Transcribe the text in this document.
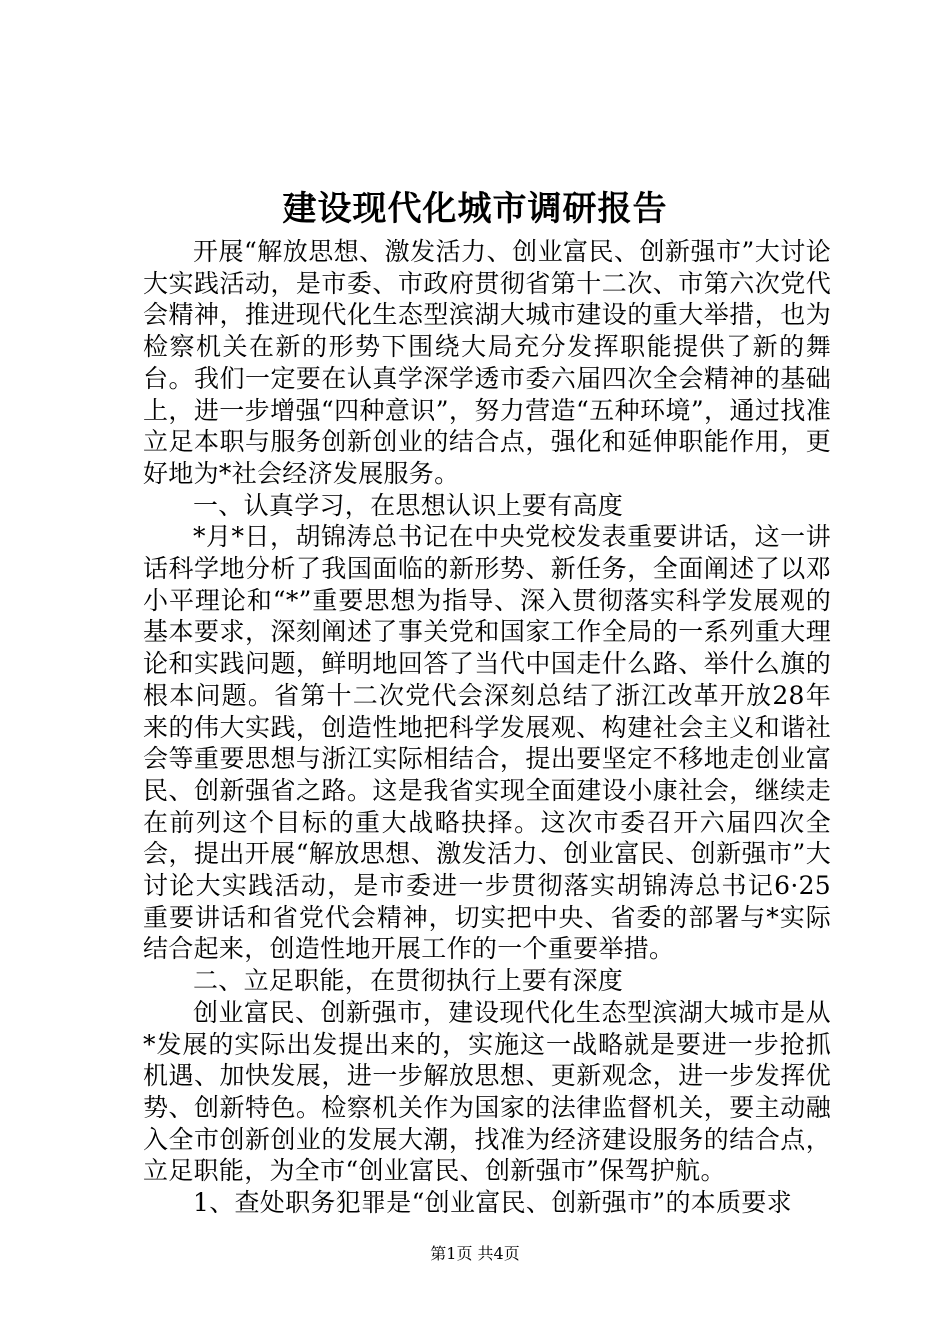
建设现代化城市调研报告

开展“解放思想、激发活力、创业富民、创新强市”大讨论大实践活动，是市委、市政府贯彻省第十二次、市第六次党代会精神，推进现代化生态型滨湖大城市建设的重大举措，也为检察机关在新的形势下围绕大局充分发挥职能提供了新的舞台。我们一定要在认真学深学透市委六届四次全会精神的基础上，进一步增强“四种意识”，努力营造“五种环境”，通过找准立足本职与服务创新创业的结合点，强化和延伸职能作用，更好地为*社会经济发展服务。

一、认真学习，在思想认识上要有高度

*月*日，胡锦涛总书记在中央党校发表重要讲话，这一讲话科学地分析了我国面临的新形势、新任务，全面阐述了以邓小平理论和“*”重要思想为指导、深入贯彻落实科学发展观的基本要求，深刻阐述了事关党和国家工作全局的一系列重大理论和实践问题，鲜明地回答了当代中国走什么路、举什么旗的根本问题。省第十二次党代会深刻总结了浙江改革开放28年来的伟大实践，创造性地把科学发展观、构建社会主义和谐社会等重要思想与浙江实际相结合，提出要坚定不移地走创业富民、创新强省之路。这是我省实现全面建设小康社会，继续走在前列这个目标的重大战略抉择。这次市委召开六届四次全会，提出开展“解放思想、激发活力、创业富民、创新强市”大讨论大实践活动，是市委进一步贯彻落实胡锦涛总书记6·25重要讲话和省党代会精神，切实把中央、省委的部署与*实际结合起来，创造性地开展工作的一个重要举措。

二、立足职能，在贯彻执行上要有深度

创业富民、创新强市，建设现代化生态型滨湖大城市是从*发展的实际出发提出来的，实施这一战略就是要进一步抢抓机遇、加快发展，进一步解放思想、更新观念，进一步发挥优势、创新特色。检察机关作为国家的法律监督机关，要主动融入全市创新创业的发展大潮，找准为经济建设服务的结合点，立足职能，为全市“创业富民、创新强市”保驾护航。

1、查处职务犯罪是“创业富民、创新强市”的本质要求

第1页 共4页
